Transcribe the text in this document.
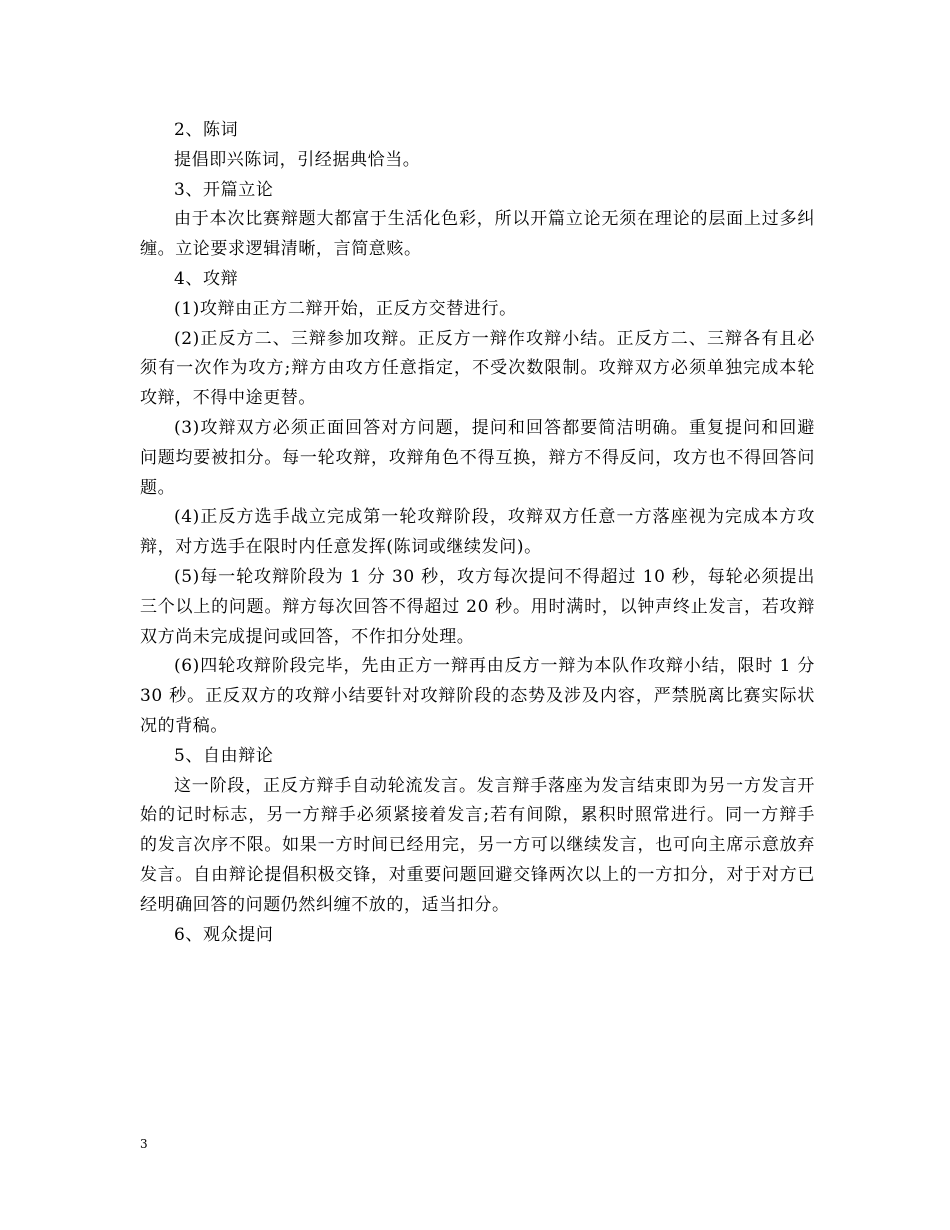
2、陈词

提倡即兴陈词，引经据典恰当。

3、开篇立论

由于本次比赛辩题大都富于生活化色彩，所以开篇立论无须在理论的层面上过多纠缠。立论要求逻辑清晰，言简意赅。

4、攻辩

(1)攻辩由正方二辩开始，正反方交替进行。

(2)正反方二、三辩参加攻辩。正反方一辩作攻辩小结。正反方二、三辩各有且必须有一次作为攻方;辩方由攻方任意指定，不受次数限制。攻辩双方必须单独完成本轮攻辩，不得中途更替。

(3)攻辩双方必须正面回答对方问题，提问和回答都要简洁明确。重复提问和回避问题均要被扣分。每一轮攻辩，攻辩角色不得互换，辩方不得反问，攻方也不得回答问题。

(4)正反方选手战立完成第一轮攻辩阶段，攻辩双方任意一方落座视为完成本方攻辩，对方选手在限时内任意发挥(陈词或继续发问)。

(5)每一轮攻辩阶段为 1 分 30 秒，攻方每次提问不得超过 10 秒，每轮必须提出三个以上的问题。辩方每次回答不得超过 20 秒。用时满时，以钟声终止发言，若攻辩双方尚未完成提问或回答，不作扣分处理。

(6)四轮攻辩阶段完毕，先由正方一辩再由反方一辩为本队作攻辩小结，限时 1 分 30 秒。正反双方的攻辩小结要针对攻辩阶段的态势及涉及内容，严禁脱离比赛实际状况的背稿。

5、自由辩论

这一阶段，正反方辩手自动轮流发言。发言辩手落座为发言结束即为另一方发言开始的记时标志，另一方辩手必须紧接着发言;若有间隙，累积时照常进行。同一方辩手的发言次序不限。如果一方时间已经用完，另一方可以继续发言，也可向主席示意放弃发言。自由辩论提倡积极交锋，对重要问题回避交锋两次以上的一方扣分，对于对方已经明确回答的问题仍然纠缠不放的，适当扣分。

6、观众提问

3
